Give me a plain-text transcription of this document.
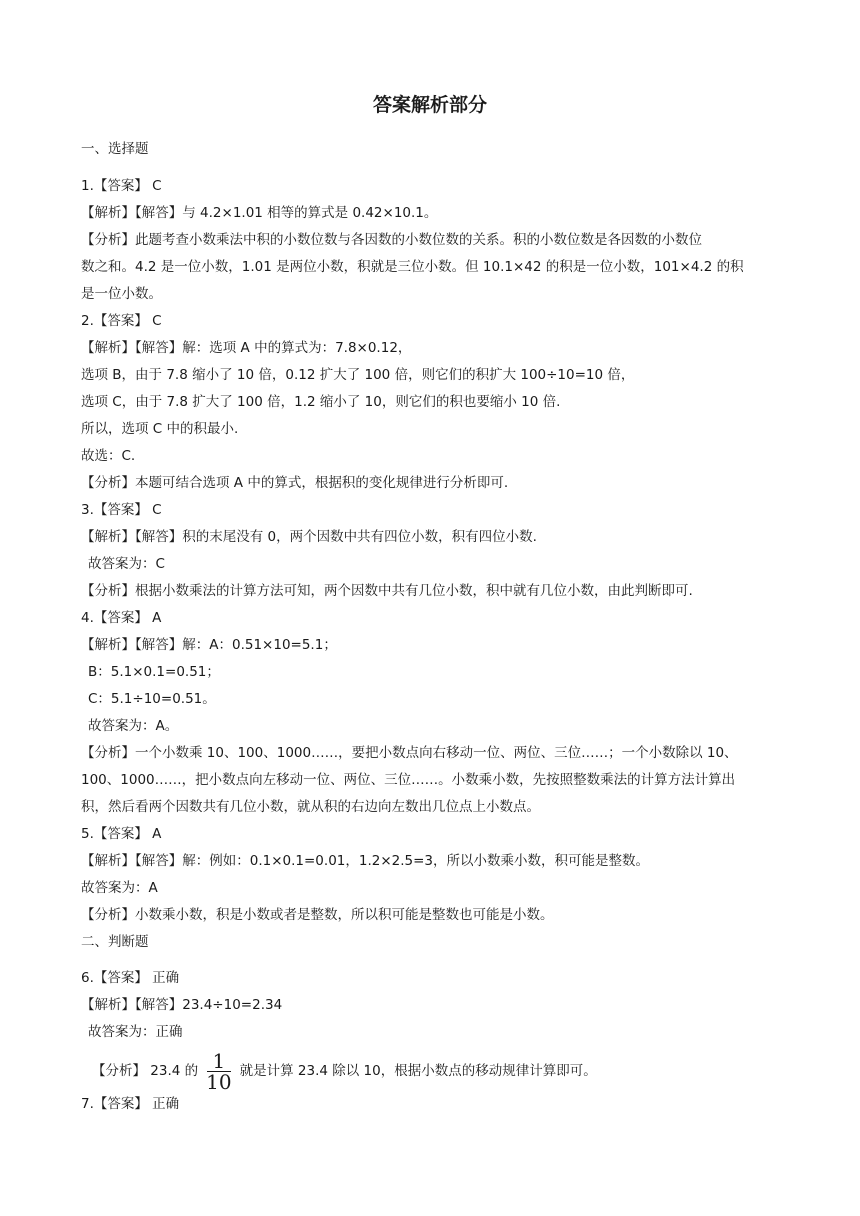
答案解析部分
一、选择题
1.【答案】 C
【解析】【解答】与 4.2×1.01 相等的算式是 0.42×10.1。
【分析】此题考查小数乘法中积的小数位数与各因数的小数位数的关系。积的小数位数是各因数的小数位
数之和。4.2 是一位小数，1.01 是两位小数，积就是三位小数。但 10.1×42 的积是一位小数，101×4.2 的积
是一位小数。
2.【答案】 C
【解析】【解答】解：选项 A 中的算式为：7.8×0.12，
选项 B，由于 7.8 缩小了 10 倍，0.12 扩大了 100 倍，则它们的积扩大 100÷10=10 倍，
选项 C，由于 7.8 扩大了 100 倍，1.2 缩小了 10，则它们的积也要缩小 10 倍.
所以，选项 C 中的积最小.
故选：C.
【分析】本题可结合选项 A 中的算式，根据积的变化规律进行分析即可.
3.【答案】 C
【解析】【解答】积的末尾没有 0，两个因数中共有四位小数，积有四位小数.
故答案为：C
【分析】根据小数乘法的计算方法可知，两个因数中共有几位小数，积中就有几位小数，由此判断即可.
4.【答案】 A
【解析】【解答】解：A：0.51×10=5.1；
B：5.1×0.1=0.51；
C：5.1÷10=0.51。
故答案为：A。
【分析】一个小数乘 10、100、1000……，要把小数点向右移动一位、两位、三位……；一个小数除以 10、
100、1000……，把小数点向左移动一位、两位、三位……。小数乘小数，先按照整数乘法的计算方法计算出
积，然后看两个因数共有几位小数，就从积的右边向左数出几位点上小数点。
5.【答案】 A
【解析】【解答】解：例如：0.1×0.1=0.01，1.2×2.5=3，所以小数乘小数，积可能是整数。
故答案为：A
【分析】小数乘小数，积是小数或者是整数，所以积可能是整数也可能是小数。
二、判断题
6.【答案】 正确
【解析】【解答】23.4÷10=2.34
故答案为：正确
【分析】 23.4 的 $\frac{1}{10}$ 就是计算 23.4 除以 10，根据小数点的移动规律计算即可。
7.【答案】 正确
